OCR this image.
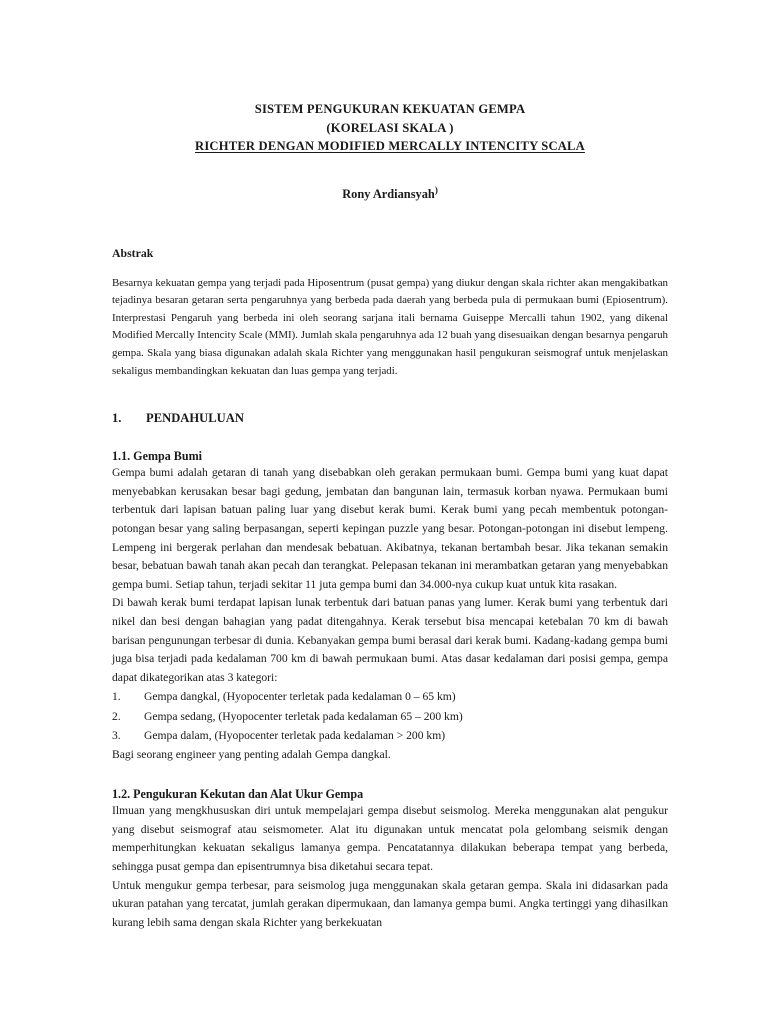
SISTEM PENGUKURAN KEKUATAN GEMPA
(KORELASI SKALA )
RICHTER DENGAN MODIFIED MERCALLY INTENCITY SCALA
Rony Ardiansyah)
Abstrak

Besarnya kekuatan gempa yang terjadi pada Hiposentrum (pusat gempa) yang diukur dengan skala richter akan mengakibatkan tejadinya besaran getaran serta pengaruhnya yang berbeda pada daerah yang berbeda pula di permukaan bumi (Epiosentrum). Interprestasi Pengaruh yang berbeda ini oleh seorang sarjana itali bernama Guiseppe Mercalli tahun 1902, yang dikenal Modified Mercally Intencity Scale (MMI). Jumlah skala pengaruhnya ada 12 buah yang disesuaikan dengan besarnya pengaruh gempa. Skala yang biasa digunakan adalah skala Richter yang menggunakan hasil pengukuran seismograf untuk menjelaskan sekaligus membandingkan kekuatan dan luas gempa yang terjadi.

1.	PENDAHULUAN
1.1. Gempa Bumi

Gempa bumi adalah getaran di tanah yang disebabkan oleh gerakan permukaan bumi. Gempa bumi yang kuat dapat menyebabkan kerusakan besar bagi gedung, jembatan dan bangunan lain, termasuk korban nyawa. Permukaan bumi terbentuk dari lapisan batuan paling luar yang disebut kerak bumi. Kerak bumi yang pecah membentuk potongan-potongan besar yang saling berpasangan, seperti kepingan puzzle yang besar. Potongan-potongan ini disebut lempeng. Lempeng ini bergerak perlahan dan mendesak bebatuan. Akibatnya, tekanan bertambah besar. Jika tekanan semakin besar, bebatuan bawah tanah akan pecah dan terangkat. Pelepasan tekanan ini merambatkan getaran yang menyebabkan gempa bumi. Setiap tahun, terjadi sekitar 11 juta gempa bumi dan 34.000-nya cukup kuat untuk kita rasakan.

Di bawah kerak bumi terdapat lapisan lunak terbentuk dari batuan panas yang lumer. Kerak bumi yang terbentuk dari nikel dan besi dengan bahagian yang padat ditengahnya. Kerak tersebut bisa mencapai ketebalan 70 km di bawah barisan pengunungan terbesar di dunia. Kebanyakan gempa bumi berasal dari kerak bumi. Kadang-kadang gempa bumi juga bisa terjadi pada kedalaman 700 km di bawah permukaan bumi. Atas dasar kedalaman dari posisi gempa, gempa dapat dikategorikan atas 3 kategori:

1.	Gempa dangkal, (Hyopocenter terletak pada kedalaman 0 – 65 km)
2.	Gempa sedang, (Hyopocenter terletak pada kedalaman 65 – 200 km)
3.	Gempa dalam, (Hyopocenter terletak pada kedalaman > 200 km)

Bagi seorang engineer yang penting adalah Gempa dangkal.

1.2. Pengukuran Kekutan dan Alat Ukur Gempa

Ilmuan yang mengkhususkan diri untuk mempelajari gempa disebut seismolog. Mereka menggunakan alat pengukur yang disebut seismograf atau seismometer. Alat itu digunakan untuk mencatat pola gelombang seismik dengan memperhitungkan kekuatan sekaligus lamanya gempa. Pencatatannya dilakukan beberapa tempat yang berbeda, sehingga pusat gempa dan episentrumnya bisa diketahui secara tepat.

Untuk mengukur gempa terbesar, para seismolog juga menggunakan skala getaran gempa. Skala ini didasarkan pada ukuran patahan yang tercatat, jumlah gerakan dipermukaan, dan lamanya gempa bumi. Angka tertinggi yang dihasilkan kurang lebih sama dengan skala Richter yang berkekuatan
